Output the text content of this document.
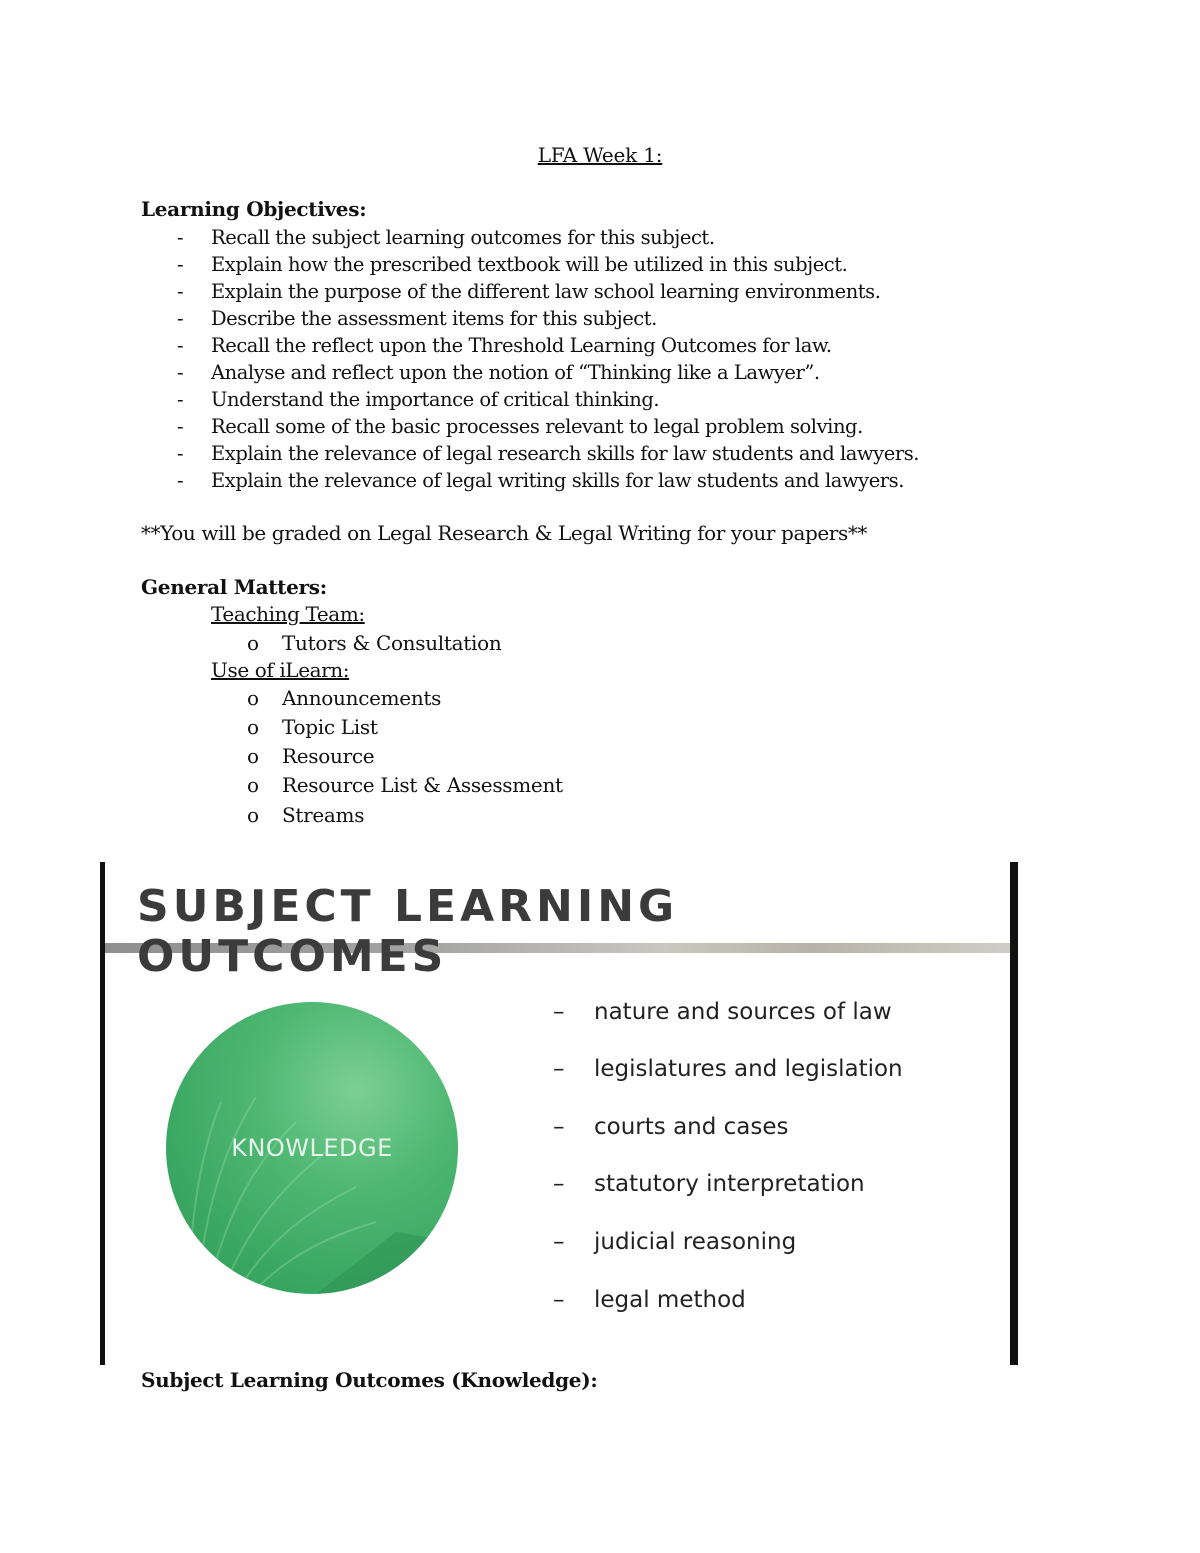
LFA Week 1:
Learning Objectives:
- Recall the subject learning outcomes for this subject.
- Explain how the prescribed textbook will be utilized in this subject.
- Explain the purpose of the different law school learning environments.
- Describe the assessment items for this subject.
- Recall the reflect upon the Threshold Learning Outcomes for law.
- Analyse and reflect upon the notion of “Thinking like a Lawyer”.
- Understand the importance of critical thinking.
- Recall some of the basic processes relevant to legal problem solving.
- Explain the relevance of legal research skills for law students and lawyers.
- Explain the relevance of legal writing skills for law students and lawyers.
**You will be graded on Legal Research & Legal Writing for your papers**
General Matters:
Teaching Team:
o Tutors & Consultation
Use of iLearn:
o Announcements
o Topic List
o Resource
o Resource List & Assessment
o Streams
SUBJECT LEARNING
OUTCOMES
KNOWLEDGE
– nature and sources of law
– legislatures and legislation
– courts and cases
– statutory interpretation
– judicial reasoning
– legal method
Subject Learning Outcomes (Knowledge):
